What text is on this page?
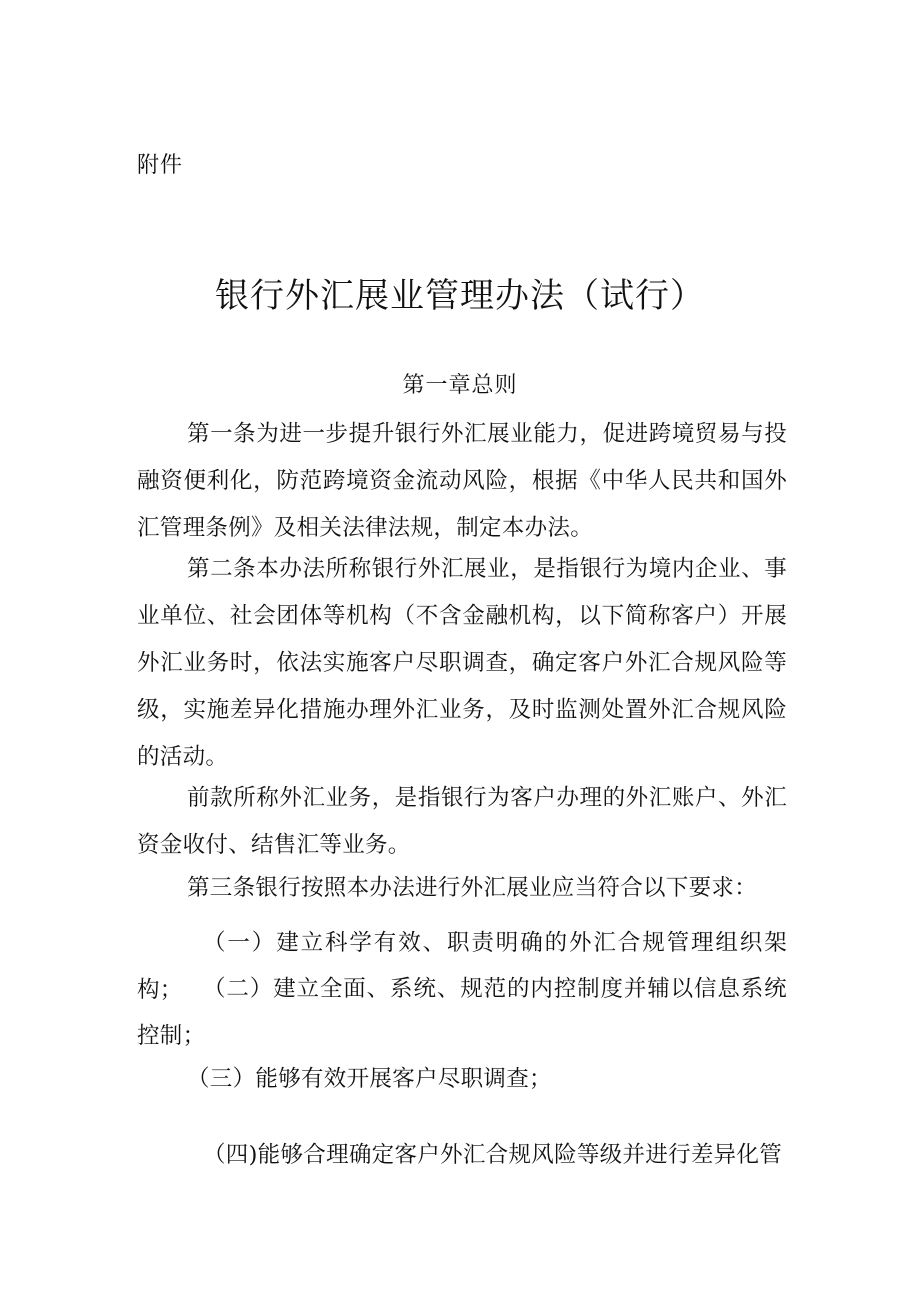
附件
银行外汇展业管理办法（试行）
第一章总则

第一条为进一步提升银行外汇展业能力，促进跨境贸易与投融资便利化，防范跨境资金流动风险，根据《中华人民共和国外汇管理条例》及相关法律法规，制定本办法。

第二条本办法所称银行外汇展业，是指银行为境内企业、事业单位、社会团体等机构（不含金融机构，以下简称客户）开展外汇业务时，依法实施客户尽职调查，确定客户外汇合规风险等级，实施差异化措施办理外汇业务，及时监测处置外汇合规风险的活动。

前款所称外汇业务，是指银行为客户办理的外汇账户、外汇资金收付、结售汇等业务。

第三条银行按照本办法进行外汇展业应当符合以下要求：

（一）建立科学有效、职责明确的外汇合规管理组织架构； （二）建立全面、系统、规范的内控制度并辅以信息系统控制；

（三）能够有效开展客户尽职调查；

（四)能够合理确定客户外汇合规风险等级并进行差异化管
